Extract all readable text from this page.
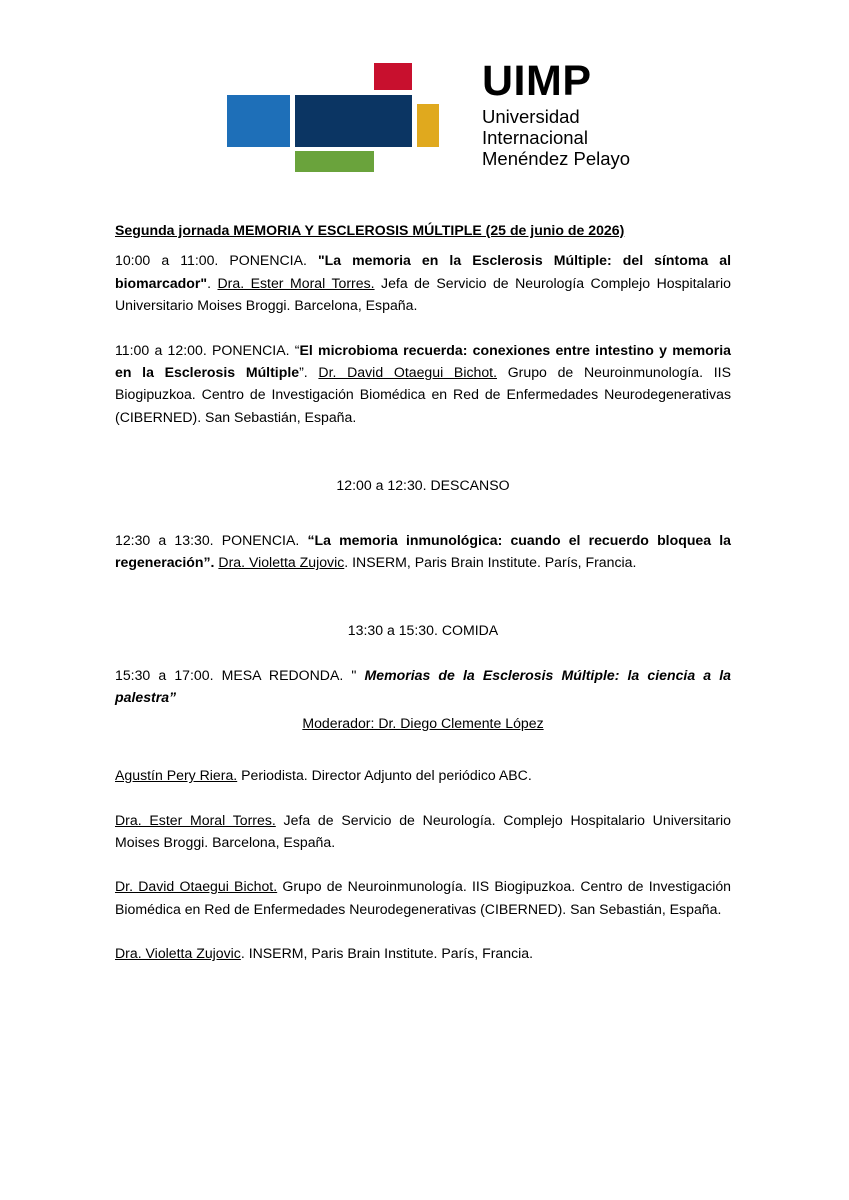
UIMP
Universidad
Internacional
Menéndez Pelayo

Segunda jornada MEMORIA Y ESCLEROSIS MÚLTIPLE (25 de junio de 2026)

10:00 a 11:00. PONENCIA. "La memoria en la Esclerosis Múltiple: del síntoma al biomarcador". Dra. Ester Moral Torres. Jefa de Servicio de Neurología Complejo Hospitalario Universitario Moises Broggi. Barcelona, España.

11:00 a 12:00. PONENCIA. “El microbioma recuerda: conexiones entre intestino y memoria en la Esclerosis Múltiple”. Dr. David Otaegui Bichot. Grupo de Neuroinmunología. IIS Biogipuzkoa. Centro de Investigación Biomédica en Red de Enfermedades Neurodegenerativas (CIBERNED). San Sebastián, España.

12:00 a 12:30. DESCANSO

12:30 a 13:30. PONENCIA. “La memoria inmunológica: cuando el recuerdo bloquea la regeneración”. Dra. Violetta Zujovic. INSERM, Paris Brain Institute. París, Francia.

13:30 a 15:30. COMIDA

15:30 a 17:00. MESA REDONDA. " Memorias de la Esclerosis Múltiple: la ciencia a la palestra”

Moderador: Dr. Diego Clemente López

Agustín Pery Riera. Periodista. Director Adjunto del periódico ABC.

Dra. Ester Moral Torres. Jefa de Servicio de Neurología. Complejo Hospitalario Universitario Moises Broggi. Barcelona, España.

Dr. David Otaegui Bichot. Grupo de Neuroinmunología. IIS Biogipuzkoa. Centro de Investigación Biomédica en Red de Enfermedades Neurodegenerativas (CIBERNED). San Sebastián, España.

Dra. Violetta Zujovic. INSERM, Paris Brain Institute. París, Francia.
